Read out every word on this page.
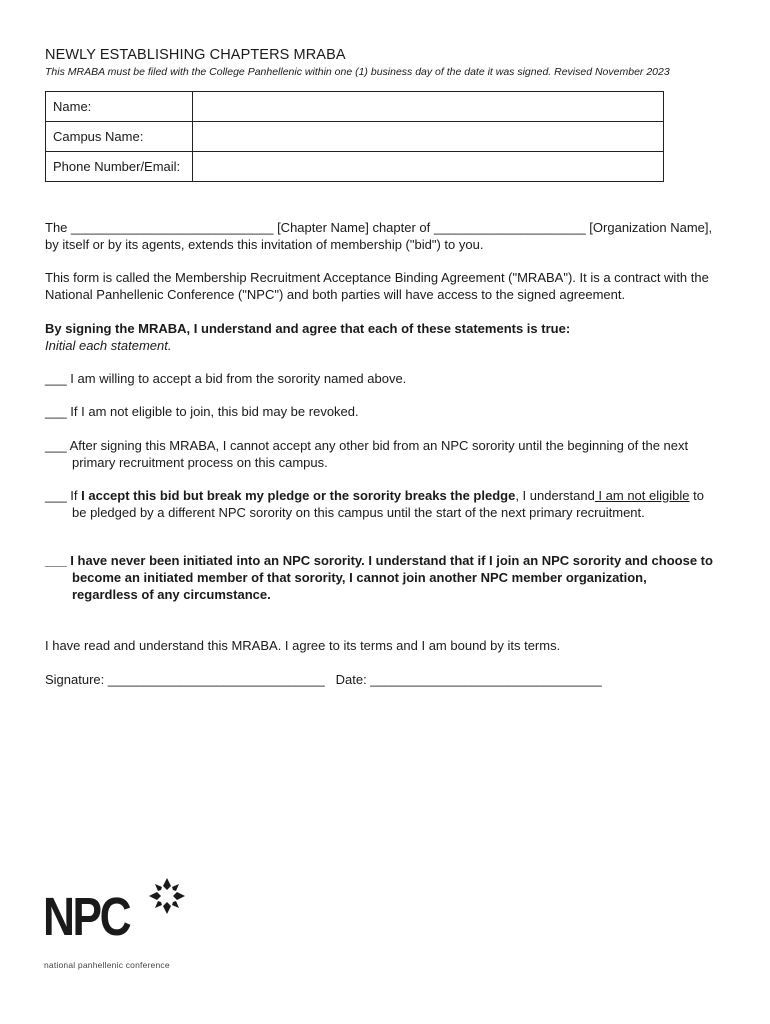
NEWLY ESTABLISHING CHAPTERS MRABA
This MRABA must be filed with the College Panhellenic within one (1) business day of the date it was signed. Revised November 2023
Name:	
Campus Name:	
Phone Number/Email:	
The ____________________________ [Chapter Name] chapter of _____________________ [Organization Name], by itself or by its agents, extends this invitation of membership ("bid") to you.
This form is called the Membership Recruitment Acceptance Binding Agreement ("MRABA"). It is a contract with the National Panhellenic Conference ("NPC") and both parties will have access to the signed agreement.
By signing the MRABA, I understand and agree that each of these statements is true:
Initial each statement.
___ I am willing to accept a bid from the sorority named above.
___ If I am not eligible to join, this bid may be revoked.
___ After signing this MRABA, I cannot accept any other bid from an NPC sorority until the beginning of the next primary recruitment process on this campus.
___ If I accept this bid but break my pledge or the sorority breaks the pledge, I understand I am not eligible to be pledged by a different NPC sorority on this campus until the start of the next primary recruitment.
___ I have never been initiated into an NPC sorority. I understand that if I join an NPC sorority and choose to become an initiated member of that sorority, I cannot join another NPC member organization, regardless of any circumstance.
I have read and understand this MRABA. I agree to its terms and I am bound by its terms.
Signature: ______________________________ Date: ________________________________
NPC
national panhellenic conference
